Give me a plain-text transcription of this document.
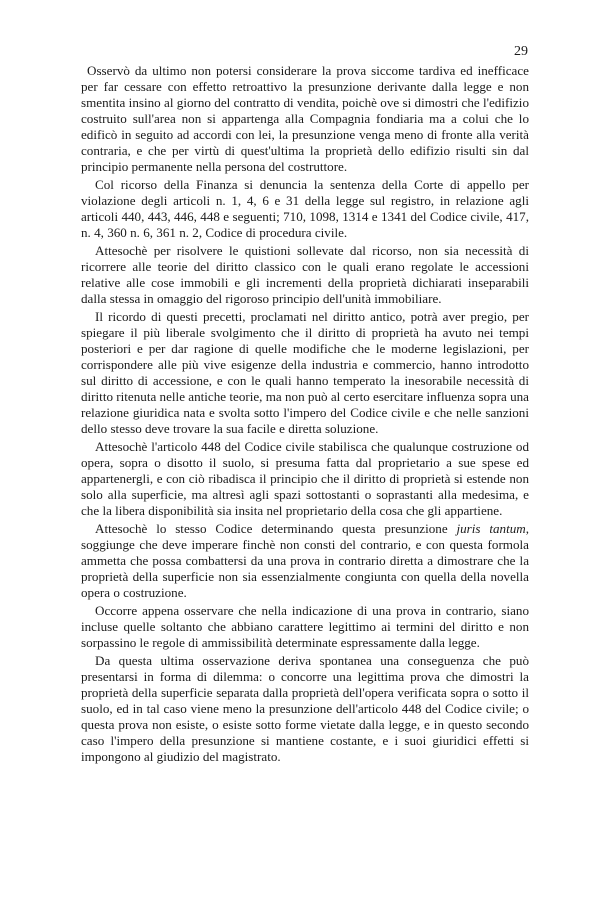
29

Osservò da ultimo non potersi considerare la prova siccome tardiva ed inefficace per far cessare con effetto retroattivo la presunzione derivante dalla legge e non smentita insino al giorno del contratto di vendita, poichè ove si dimostri che l'edifizio costruito sull'area non si appartenga alla Compagnia fondiaria ma a colui che lo edificò in seguito ad accordi con lei, la presunzione venga meno di fronte alla verità contraria, e che per virtù di quest'ultima la proprietà dello edifizio risulti sin dal principio permanente nella persona del costruttore.

Col ricorso della Finanza si denuncia la sentenza della Corte di appello per violazione degli articoli n. 1, 4, 6 e 31 della legge sul registro, in relazione agli articoli 440, 443, 446, 448 e seguenti; 710, 1098, 1314 e 1341 del Codice civile, 417, n. 4, 360 n. 6, 361 n. 2, Codice di procedura civile.

Attesochè per risolvere le quistioni sollevate dal ricorso, non sia necessità di ricorrere alle teorie del diritto classico con le quali erano regolate le accessioni relative alle cose immobili e gli incrementi della proprietà dichiarati inseparabili dalla stessa in omaggio del rigoroso principio dell'unità immobiliare.

Il ricordo di questi precetti, proclamati nel diritto antico, potrà aver pregio, per spiegare il più liberale svolgimento che il diritto di proprietà ha avuto nei tempi posteriori e per dar ragione di quelle modifiche che le moderne legislazioni, per corrispondere alle più vive esigenze della industria e commercio, hanno introdotto sul diritto di accessione, e con le quali hanno temperato la inesorabile necessità di diritto ritenuta nelle antiche teorie, ma non può al certo esercitare influenza sopra una relazione giuridica nata e svolta sotto l'impero del Codice civile e che nelle sanzioni dello stesso deve trovare la sua facile e diretta soluzione.

Attesochè l'articolo 448 del Codice civile stabilisca che qualunque costruzione od opera, sopra o disotto il suolo, si presuma fatta dal proprietario a sue spese ed appartenergli, e con ciò ribadisca il principio che il diritto di proprietà si estende non solo alla superficie, ma altresì agli spazi sottostanti o soprastanti alla medesima, e che la libera disponibilità sia insita nel proprietario della cosa che gli appartiene.

Attesochè lo stesso Codice determinando questa presunzione juris tantum, soggiunge che deve imperare finchè non consti del contrario, e con questa formola ammetta che possa combattersi da una prova in contrario diretta a dimostrare che la proprietà della superficie non sia essenzialmente congiunta con quella della novella opera o costruzione.

Occorre appena osservare che nella indicazione di una prova in contrario, siano incluse quelle soltanto che abbiano carattere legittimo ai termini del diritto e non sorpassino le regole di ammissibilità determinate espressamente dalla legge.

Da questa ultima osservazione deriva spontanea una conseguenza che può presentarsi in forma di dilemma: o concorre una legittima prova che dimostri la proprietà della superficie separata dalla proprietà dell'opera verificata sopra o sotto il suolo, ed in tal caso viene meno la presunzione dell'articolo 448 del Codice civile; o questa prova non esiste, o esiste sotto forme vietate dalla legge, e in questo secondo caso l'impero della presunzione si mantiene costante, e i suoi giuridici effetti si impongono al giudizio del magistrato.
